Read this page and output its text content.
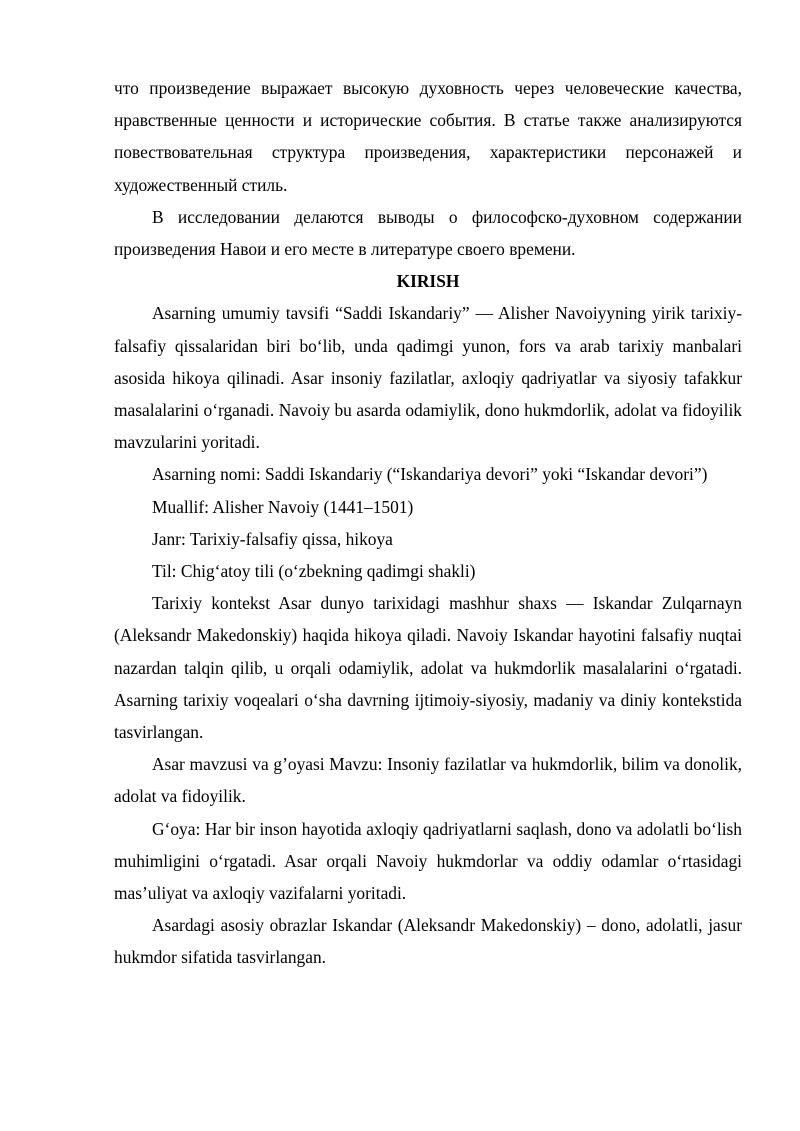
что произведение выражает высокую духовность через человеческие качества, нравственные ценности и исторические события. В статье также анализируются повествовательная структура произведения, характеристики персонажей и художественный стиль.

В исследовании делаются выводы о философско-духовном содержании произведения Навои и его месте в литературе своего времени.

KIRISH

Asarning umumiy tavsifi “Saddi Iskandariy” — Alisher Navoiyyning yirik tarixiy-falsafiy qissalaridan biri boʻlib, unda qadimgi yunon, fors va arab tarixiy manbalari asosida hikoya qilinadi. Asar insoniy fazilatlar, axloqiy qadriyatlar va siyosiy tafakkur masalalarini oʻrganadi. Navoiy bu asarda odamiylik, dono hukmdorlik, adolat va fidoyilik mavzularini yoritadi.

Asarning nomi: Saddi Iskandariy (“Iskandariya devori” yoki “Iskandar devori”)

Muallif: Alisher Navoiy (1441–1501)

Janr: Tarixiy-falsafiy qissa, hikoya

Til: Chigʻatoy tili (oʻzbekning qadimgi shakli)

Tarixiy kontekst Asar dunyo tarixidagi mashhur shaxs — Iskandar Zulqarnayn (Aleksandr Makedonskiy) haqida hikoya qiladi. Navoiy Iskandar hayotini falsafiy nuqtai nazardan talqin qilib, u orqali odamiylik, adolat va hukmdorlik masalalarini oʻrgatadi. Asarning tarixiy voqealari oʻsha davrning ijtimoiy-siyosiy, madaniy va diniy kontekstida tasvirlangan.

Asar mavzusi va g’oyasi Mavzu: Insoniy fazilatlar va hukmdorlik, bilim va donolik, adolat va fidoyilik.

Gʻoya: Har bir inson hayotida axloqiy qadriyatlarni saqlash, dono va adolatli boʻlish muhimligini oʻrgatadi. Asar orqali Navoiy hukmdorlar va oddiy odamlar oʻrtasidagi mas’uliyat va axloqiy vazifalarni yoritadi.

Asardagi asosiy obrazlar Iskandar (Aleksandr Makedonskiy) – dono, adolatli, jasur hukmdor sifatida tasvirlangan.
